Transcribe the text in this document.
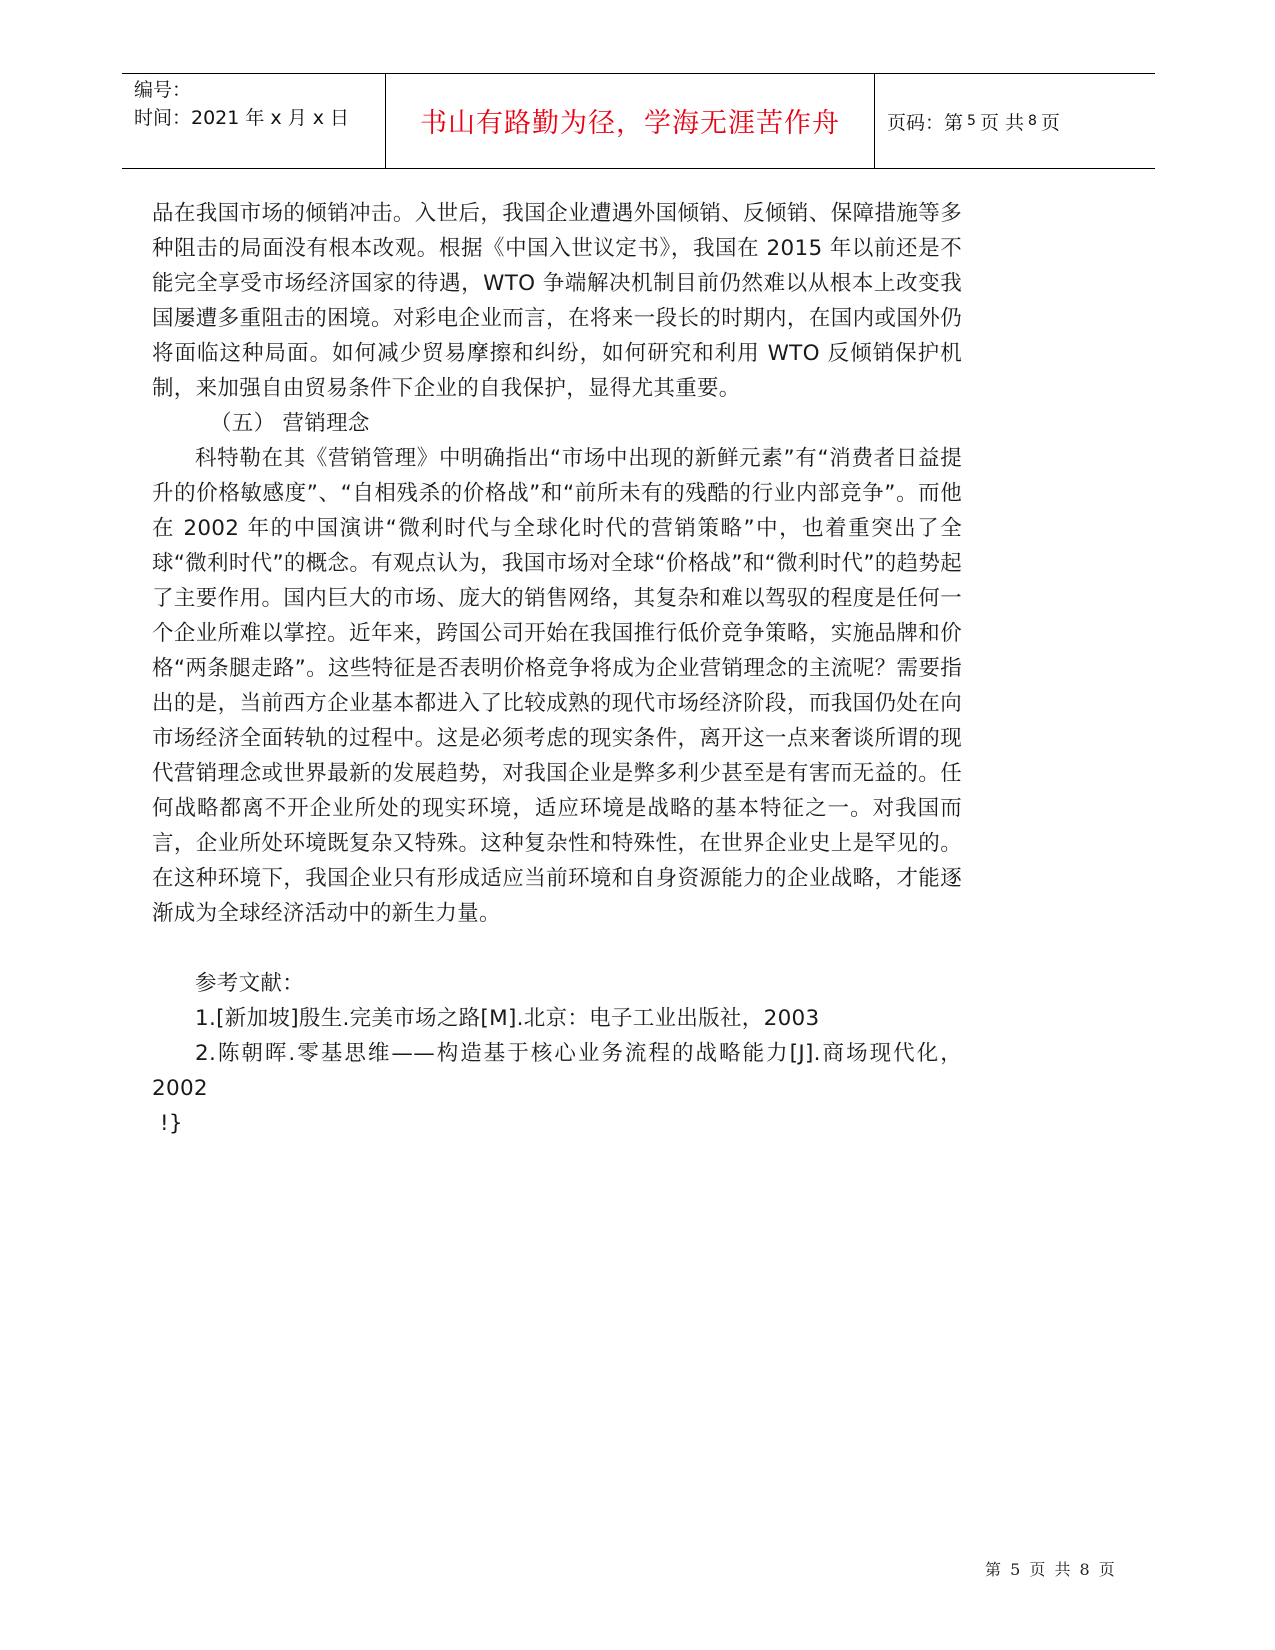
编号：
时间：2021 年 x 月 x 日	书山有路勤为径，学海无涯苦作舟	页码：第 5 页 共 8 页

品在我国市场的倾销冲击。入世后，我国企业遭遇外国倾销、反倾销、保障措施等多种阻击的局面没有根本改观。根据《中国入世议定书》，我国在 2015 年以前还是不能完全享受市场经济国家的待遇，WTO 争端解决机制目前仍然难以从根本上改变我国屡遭多重阻击的困境。对彩电企业而言，在将来一段长的时期内，在国内或国外仍将面临这种局面。如何减少贸易摩擦和纠纷，如何研究和利用 WTO 反倾销保护机制，来加强自由贸易条件下企业的自我保护，显得尤其重要。

（五） 营销理念

科特勒在其《营销管理》中明确指出“市场中出现的新鲜元素”有“消费者日益提升的价格敏感度”、“自相残杀的价格战”和“前所未有的残酷的行业内部竞争”。而他在 2002 年的中国演讲“微利时代与全球化时代的营销策略”中，也着重突出了全球“微利时代”的概念。有观点认为，我国市场对全球“价格战”和“微利时代”的趋势起了主要作用。国内巨大的市场、庞大的销售网络，其复杂和难以驾驭的程度是任何一个企业所难以掌控。近年来，跨国公司开始在我国推行低价竞争策略，实施品牌和价格“两条腿走路”。这些特征是否表明价格竞争将成为企业营销理念的主流呢？需要指出的是，当前西方企业基本都进入了比较成熟的现代市场经济阶段，而我国仍处在向市场经济全面转轨的过程中。这是必须考虑的现实条件，离开这一点来奢谈所谓的现代营销理念或世界最新的发展趋势，对我国企业是弊多利少甚至是有害而无益的。任何战略都离不开企业所处的现实环境，适应环境是战略的基本特征之一。对我国而言，企业所处环境既复杂又特殊。这种复杂性和特殊性，在世界企业史上是罕见的。在这种环境下，我国企业只有形成适应当前环境和自身资源能力的企业战略，才能逐渐成为全球经济活动中的新生力量。

参考文献：

1.[新加坡]殷生.完美市场之路[M].北京：电子工业出版社，2003

2.陈朝晖.零基思维——构造基于核心业务流程的战略能力[J].商场现代化，2002

!}

第 5 页 共 8 页
